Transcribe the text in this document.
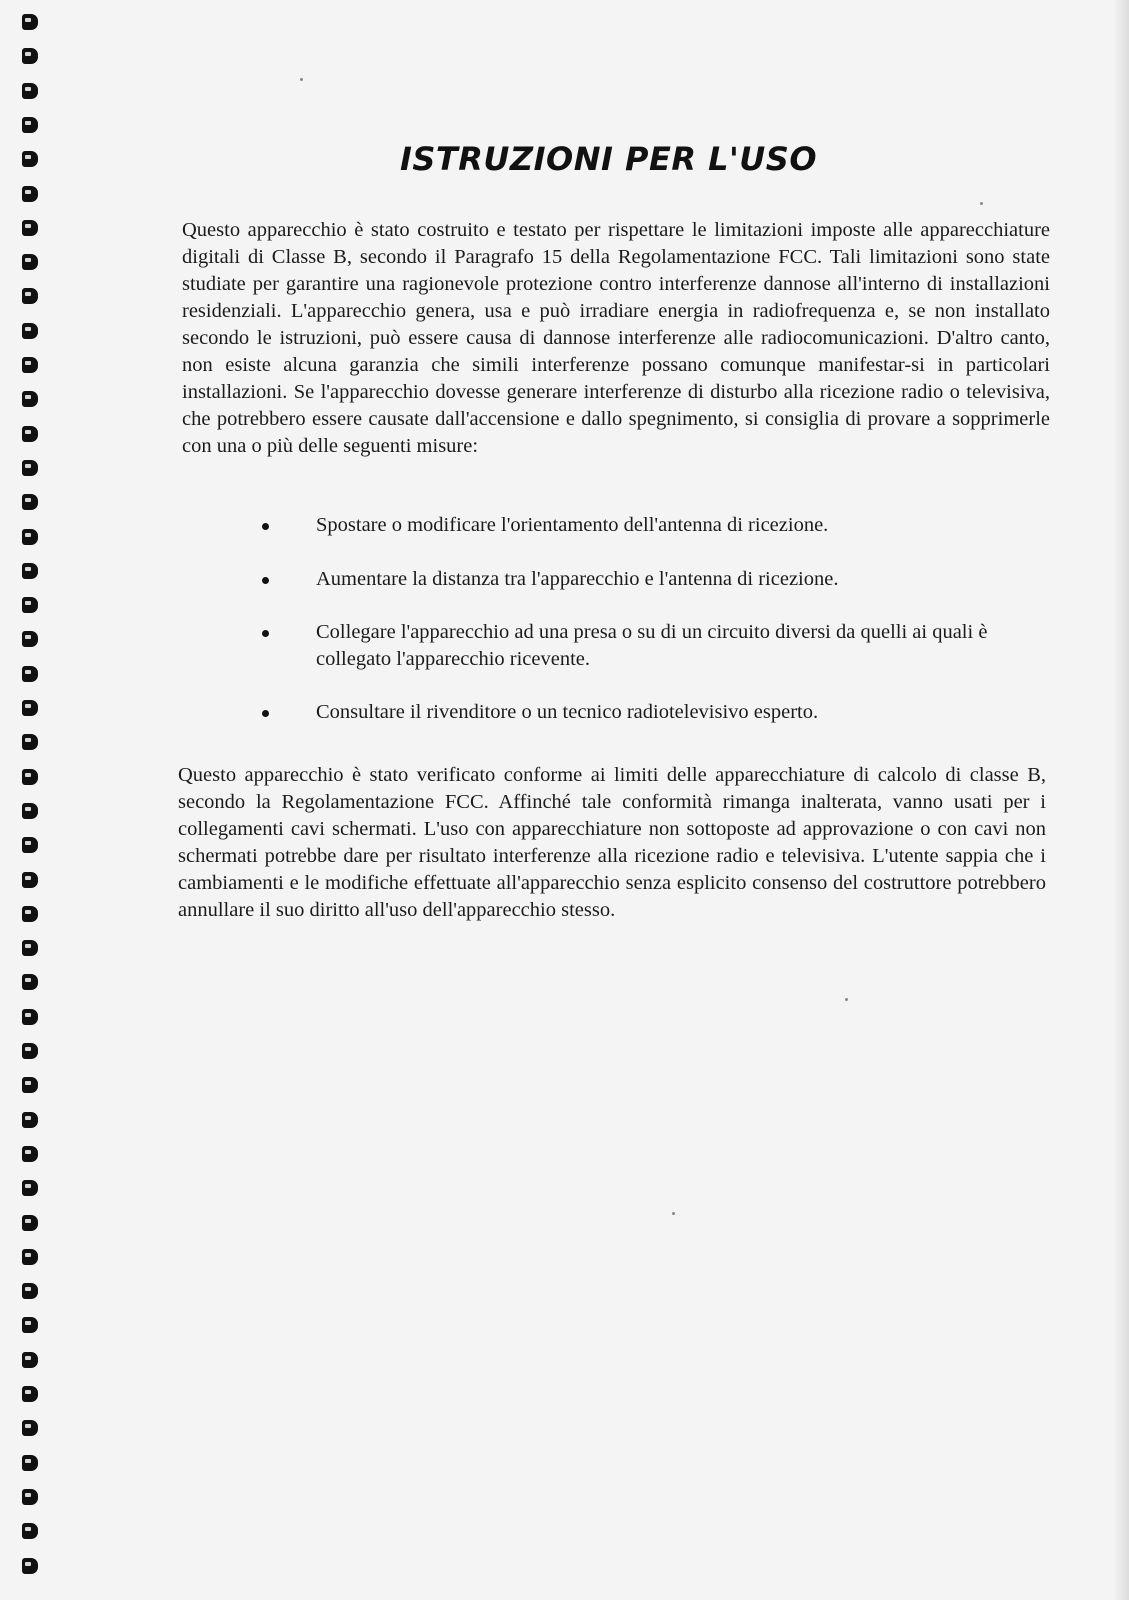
ISTRUZIONI PER L'USO

Questo apparecchio è stato costruito e testato per rispettare le limitazioni imposte alle apparecchiature digitali di Classe B, secondo il Paragrafo 15 della Regolamentazione FCC. Tali limitazioni sono state studiate per garantire una ragionevole protezione contro interferenze dannose all'interno di installazioni residenziali. L'apparecchio genera, usa e può irradiare energia in radiofrequenza e, se non installato secondo le istruzioni, può essere causa di dannose interferenze alle radiocomunicazioni. D'altro canto, non esiste alcuna garanzia che simili interferenze possano comunque manifestar-si in particolari installazioni. Se l'apparecchio dovesse generare interferenze di disturbo alla ricezione radio o televisiva, che potrebbero essere causate dall'accensione e dallo spegnimento, si consiglia di provare a sopprimerle con una o più delle seguenti misure:

Spostare o modificare l'orientamento dell'antenna di ricezione.
Aumentare la distanza tra l'apparecchio e l'antenna di ricezione.
Collegare l'apparecchio ad una presa o su di un circuito diversi da quelli ai quali è collegato l'apparecchio ricevente.
Consultare il rivenditore o un tecnico radiotelevisivo esperto.

Questo apparecchio è stato verificato conforme ai limiti delle apparecchiature di calcolo di classe B, secondo la Regolamentazione FCC. Affinché tale conformità rimanga inalterata, vanno usati per i collegamenti cavi schermati. L'uso con apparecchiature non sottoposte ad approvazione o con cavi non schermati potrebbe dare per risultato interferenze alla ricezione radio e televisiva. L'utente sappia che i cambiamenti e le modifiche effettuate all'apparecchio senza esplicito consenso del costruttore potrebbero annullare il suo diritto all'uso dell'apparecchio stesso.
